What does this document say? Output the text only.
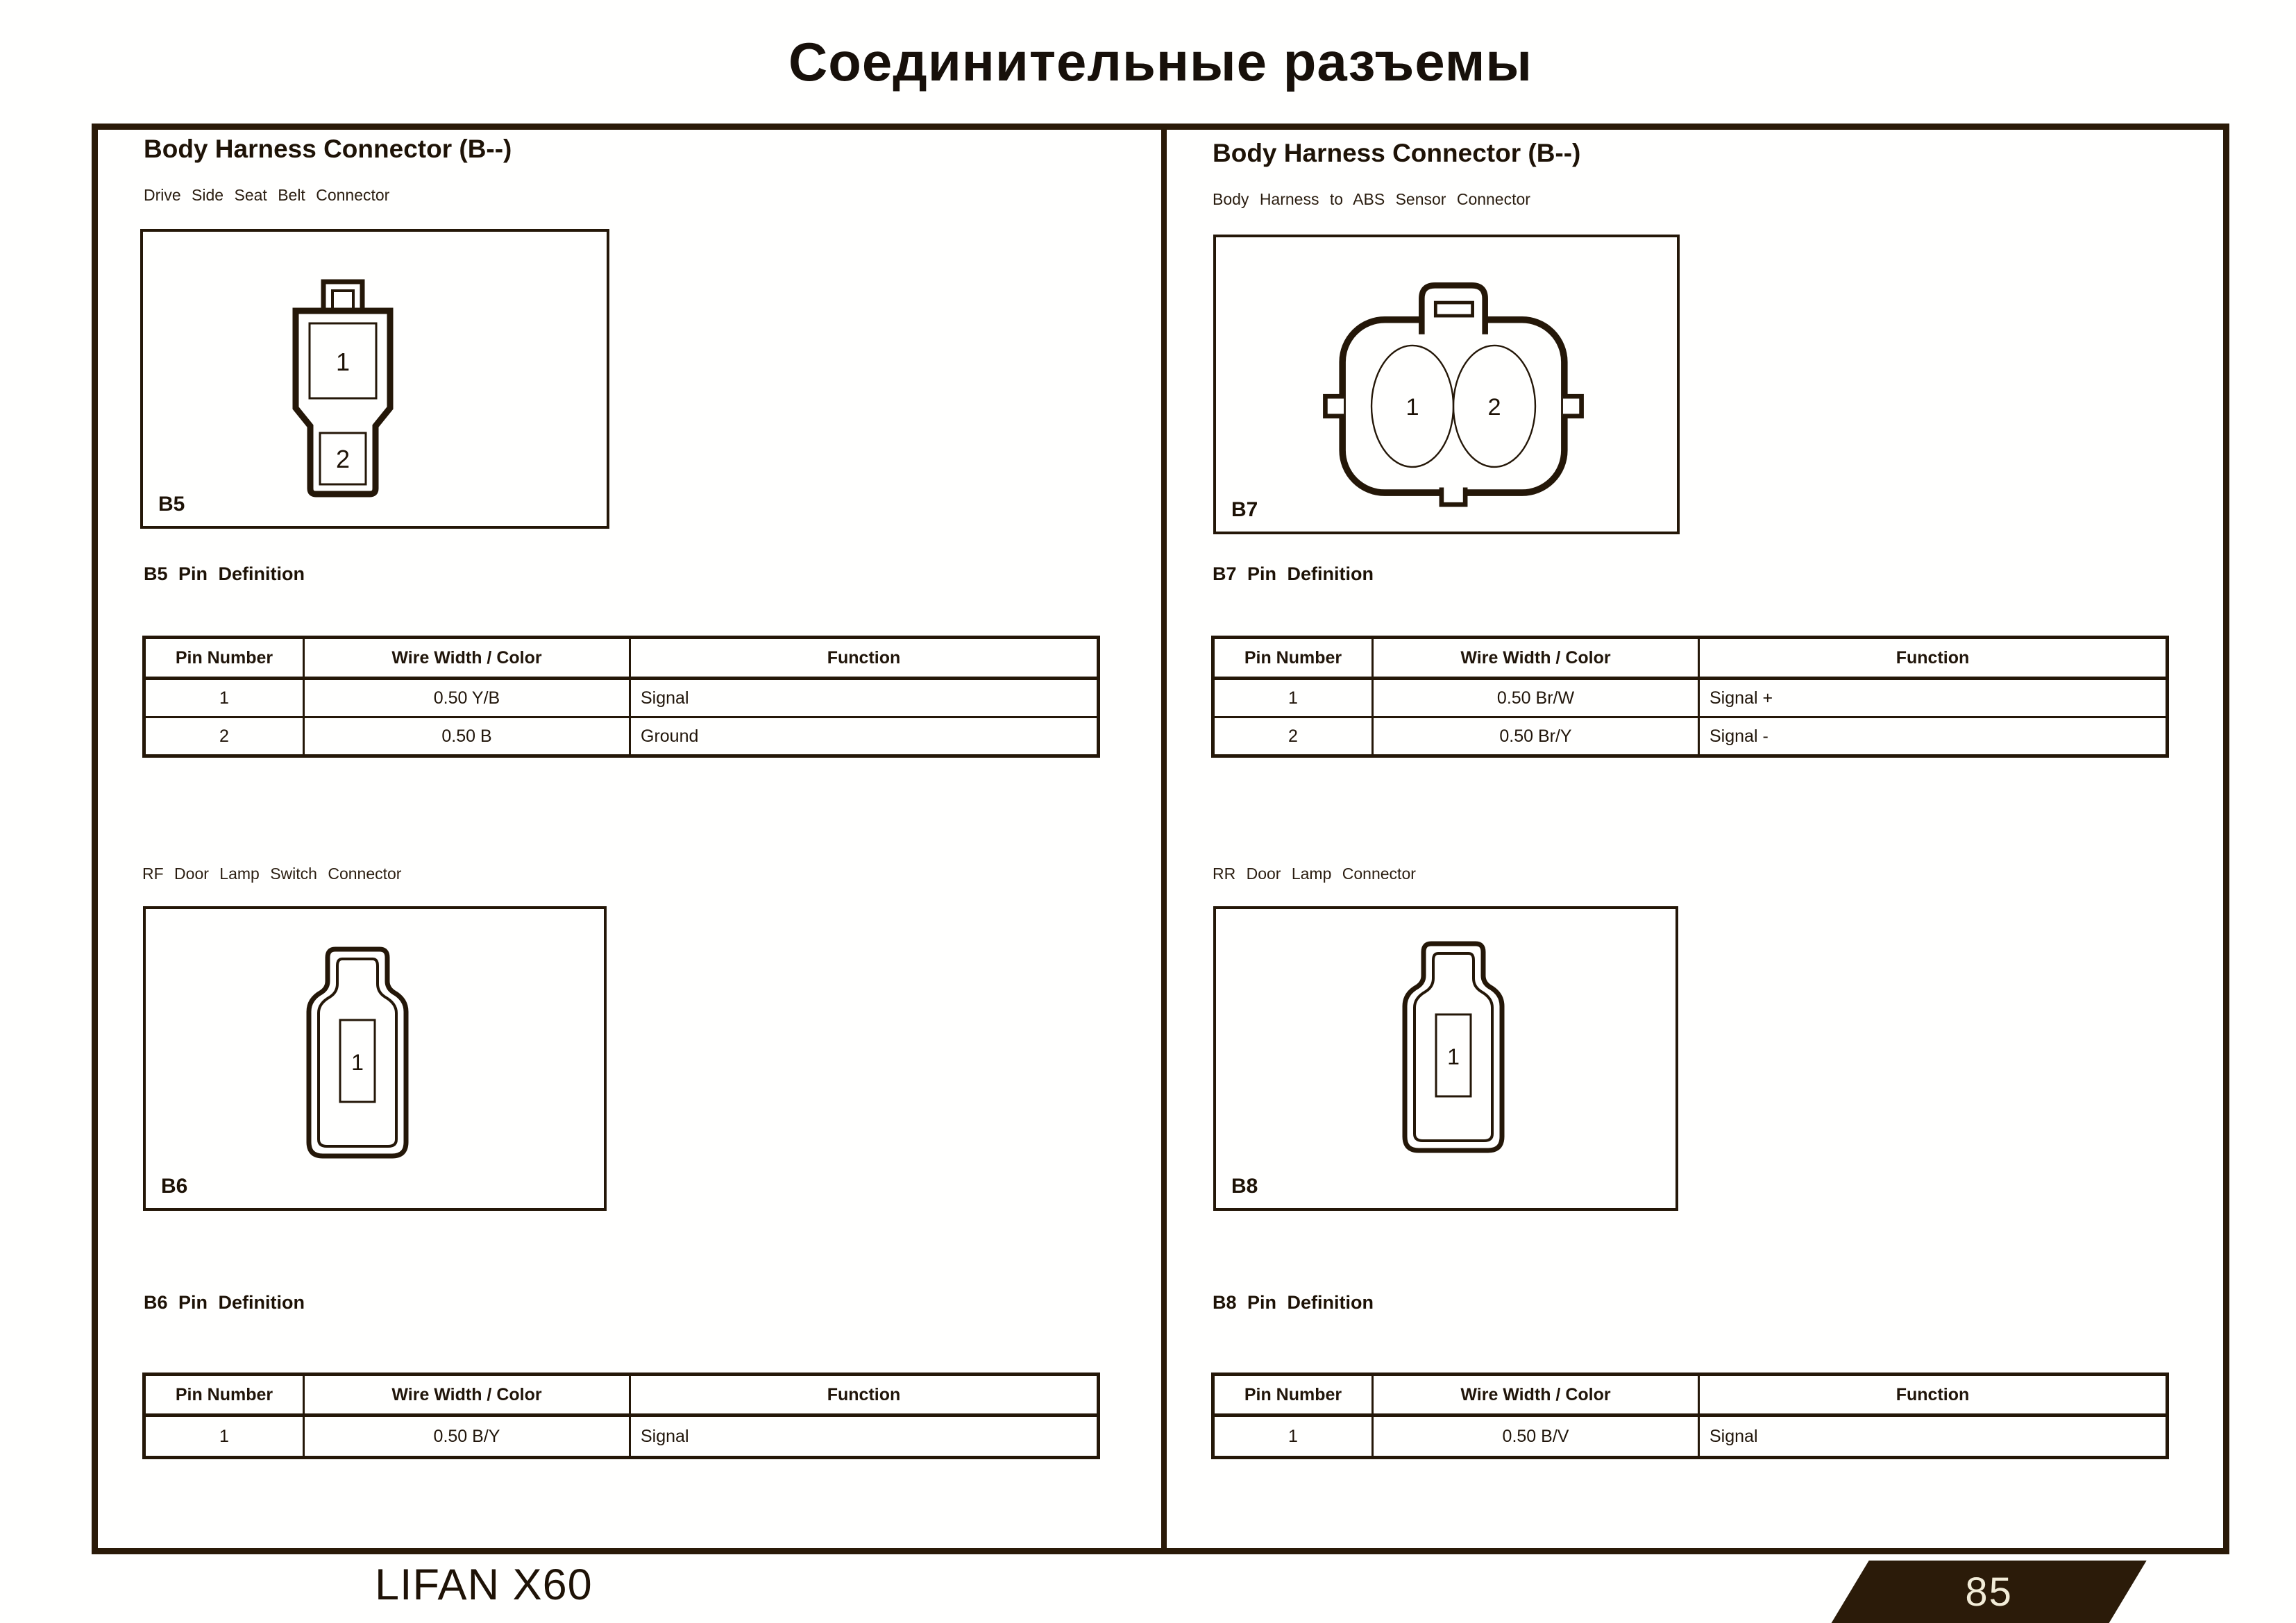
Соединительные разъемы
Body Harness Connector (B--)
Drive Side Seat Belt Connector
1
2
B5
B5 Pin Definition
Pin Number	Wire Width / Color	Function
1	0.50 Y/B	Signal
2	0.50 B	Ground
RF Door Lamp Switch Connector
1
B6
B6 Pin Definition
Pin Number	Wire Width / Color	Function
1	0.50 B/Y	Signal
Body Harness Connector (B--)
Body Harness to ABS Sensor Connector
1	2
B7
B7 Pin Definition
Pin Number	Wire Width / Color	Function
1	0.50 Br/W	Signal +
2	0.50 Br/Y	Signal -
RR Door Lamp Connector
1
B8
B8 Pin Definition
Pin Number	Wire Width / Color	Function
1	0.50 B/V	Signal
LIFAN X60	85
